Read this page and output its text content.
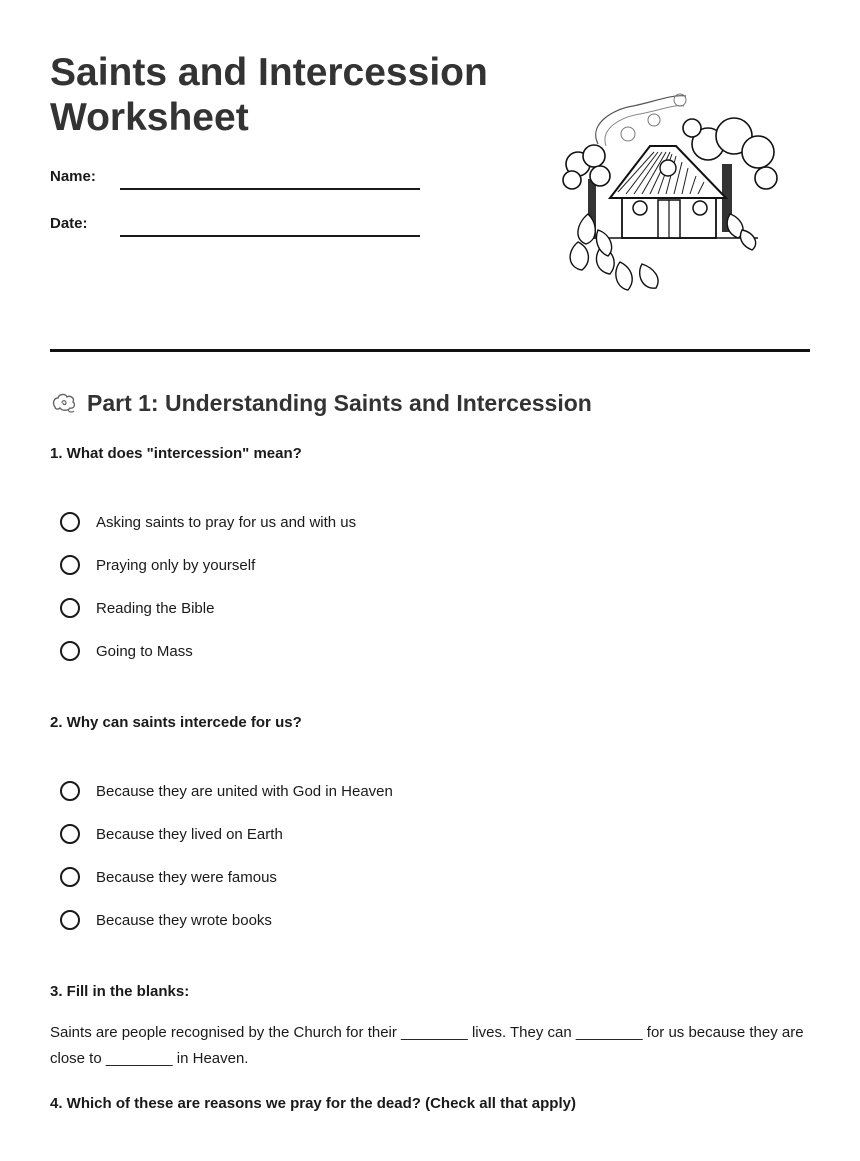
Saints and Intercession Worksheet
Name:
Date:
Part 1: Understanding Saints and Intercession
1. What does "intercession" mean?
Asking saints to pray for us and with us
Praying only by yourself
Reading the Bible
Going to Mass
2. Why can saints intercede for us?
Because they are united with God in Heaven
Because they lived on Earth
Because they were famous
Because they wrote books
3. Fill in the blanks:
Saints are people recognised by the Church for their ________ lives. They can ________ for us because they are close to ________ in Heaven.
4. Which of these are reasons we pray for the dead? (Check all that apply)
